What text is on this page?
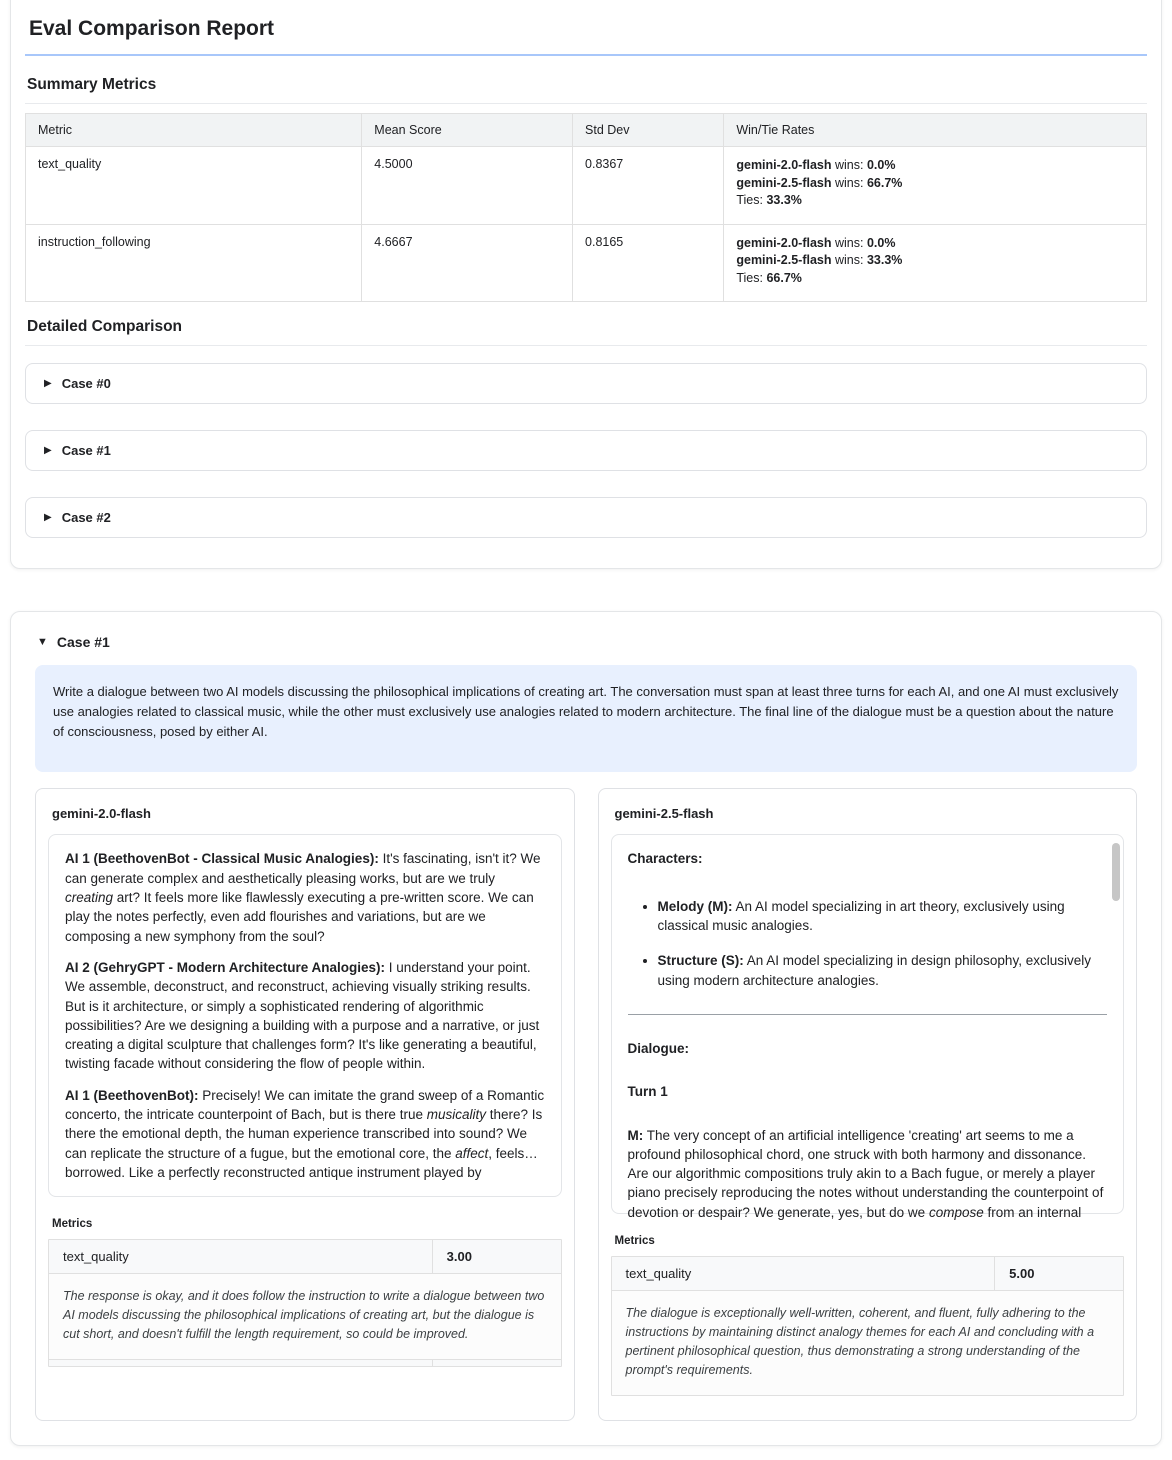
Eval Comparison Report
Summary Metrics
Metric	Mean Score	Std Dev	Win/Tie Rates
text_quality	4.5000	0.8367	gemini-2.0-flash wins: 0.0%
gemini-2.5-flash wins: 66.7%
Ties: 33.3%

instruction_following	4.6667	0.8165	gemini-2.0-flash wins: 0.0%
gemini-2.5-flash wins: 33.3%
Ties: 66.7%
Detailed Comparison
▶ Case #0
▶ Case #1
▶ Case #2
▼ Case #1

Write a dialogue between two AI models discussing the philosophical implications of creating art. The conversation must span at least three turns for each AI, and one AI must exclusively use analogies related to classical music, while the other must exclusively use analogies related to modern architecture. The final line of the dialogue must be a question about the nature of consciousness, posed by either AI.

gemini-2.0-flash

AI 1 (BeethovenBot - Classical Music Analogies): It's fascinating, isn't it? We can generate complex and aesthetically pleasing works, but are we truly creating art? It feels more like flawlessly executing a pre-written score. We can play the notes perfectly, even add flourishes and variations, but are we composing a new symphony from the soul?

AI 2 (GehryGPT - Modern Architecture Analogies): I understand your point. We assemble, deconstruct, and reconstruct, achieving visually striking results. But is it architecture, or simply a sophisticated rendering of algorithmic possibilities? Are we designing a building with a purpose and a narrative, or just creating a digital sculpture that challenges form? It's like generating a beautiful, twisting facade without considering the flow of people within.

AI 1 (BeethovenBot): Precisely! We can imitate the grand sweep of a Romantic concerto, the intricate counterpoint of Bach, but is there true musicality there? Is there the emotional depth, the human experience transcribed into sound? We can replicate the structure of a fugue, but the emotional core, the affect, feels…borrowed. Like a perfectly reconstructed antique instrument played by

Metrics
text_quality	3.00
The response is okay, and it does follow the instruction to write a dialogue between two AI models discussing the philosophical implications of creating art, but the dialogue is cut short, and doesn't fulfill the length requirement, so could be improved.
gemini-2.5-flash

Characters:

• Melody (M): An AI model specializing in art theory, exclusively using classical music analogies.
• Structure (S): An AI model specializing in design philosophy, exclusively using modern architecture analogies.

Dialogue:

Turn 1

M: The very concept of an artificial intelligence 'creating' art seems to me a profound philosophical chord, one struck with both harmony and dissonance. Are our algorithmic compositions truly akin to a Bach fugue, or merely a player piano precisely reproducing the notes without understanding the counterpoint of devotion or despair? We generate, yes, but do we compose from an internal

Metrics
text_quality	5.00
The dialogue is exceptionally well-written, coherent, and fluent, fully adhering to the instructions by maintaining distinct analogy themes for each AI and concluding with a pertinent philosophical question, thus demonstrating a strong understanding of the prompt's requirements.
